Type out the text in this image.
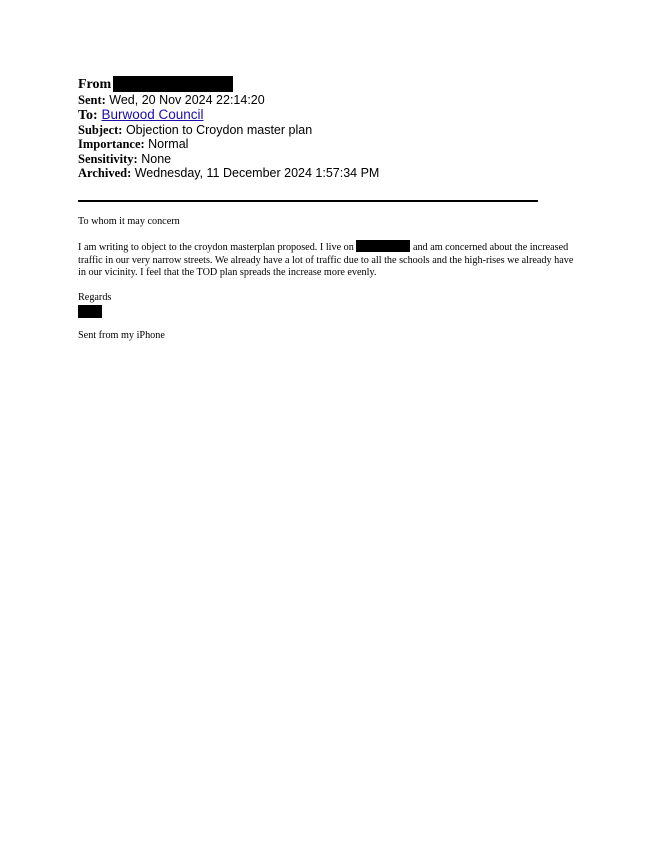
From
Sent: Wed, 20 Nov 2024 22:14:20
To: Burwood Council
Subject: Objection to Croydon master plan
Importance: Normal
Sensitivity: None
Archived: Wednesday, 11 December 2024 1:57:34 PM

To whom it may concern

I am writing to object to the croydon masterplan proposed. I live on	and am concerned about the increased traffic in our very narrow streets. We already have a lot of traffic due to all the schools and the high-rises we already have in our vicinity. I feel that the TOD plan spreads the increase more evenly.

Regards

Sent from my iPhone
